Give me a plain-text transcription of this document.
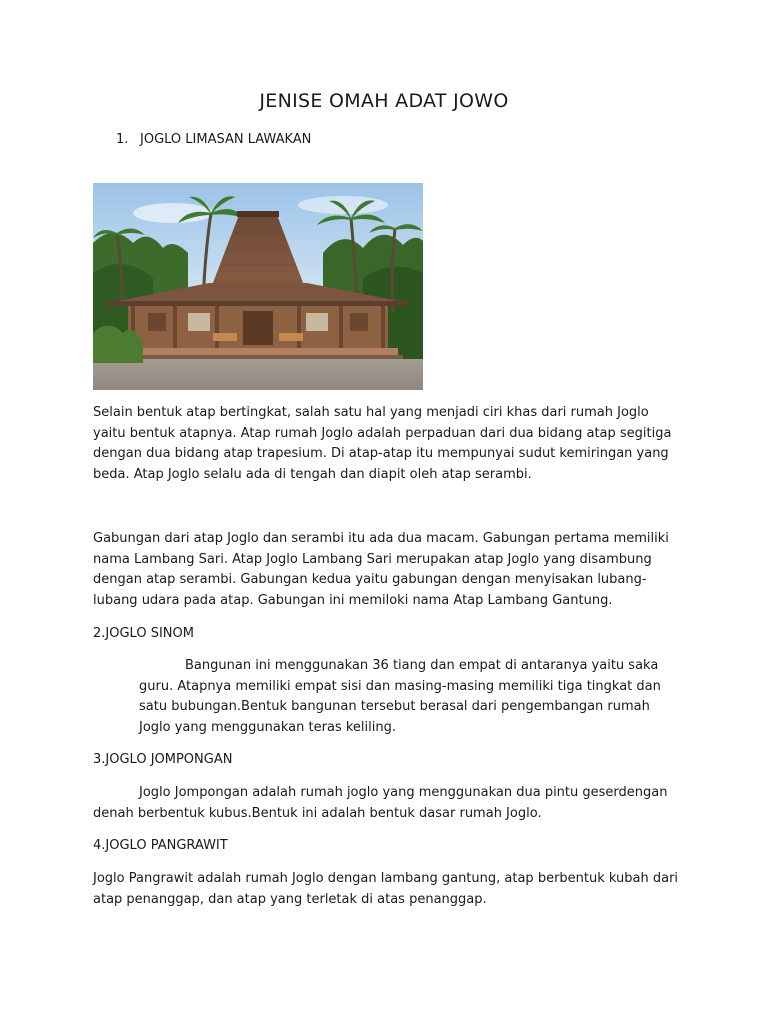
JENISE OMAH ADAT JOWO
1. JOGLO LIMASAN LAWAKAN
Selain bentuk atap bertingkat, salah satu hal yang menjadi ciri khas dari rumah Joglo yaitu bentuk atapnya. Atap rumah Joglo adalah perpaduan dari dua bidang atap segitiga dengan dua bidang atap trapesium. Di atap-atap itu mempunyai sudut kemiringan yang beda. Atap Joglo selalu ada di tengah dan diapit oleh atap serambi.
Gabungan dari atap Joglo dan serambi itu ada dua macam. Gabungan pertama memiliki nama Lambang Sari. Atap Joglo Lambang Sari merupakan atap Joglo yang disambung dengan atap serambi. Gabungan kedua yaitu gabungan dengan menyisakan lubang-lubang udara pada atap. Gabungan ini memiloki nama Atap Lambang Gantung.
2.JOGLO SINOM
Bangunan ini menggunakan 36 tiang dan empat di antaranya yaitu saka guru. Atapnya memiliki empat sisi dan masing-masing memiliki tiga tingkat dan satu bubungan.Bentuk bangunan tersebut berasal dari pengembangan rumah Joglo yang menggunakan teras keliling.
3.JOGLO JOMPONGAN
Joglo Jompongan adalah rumah joglo yang menggunakan dua pintu geserdengan denah berbentuk kubus.Bentuk ini adalah bentuk dasar rumah Joglo.
4.JOGLO PANGRAWIT
Joglo Pangrawit adalah rumah Joglo dengan lambang gantung, atap berbentuk kubah dari atap penanggap, dan atap yang terletak di atas penanggap.
